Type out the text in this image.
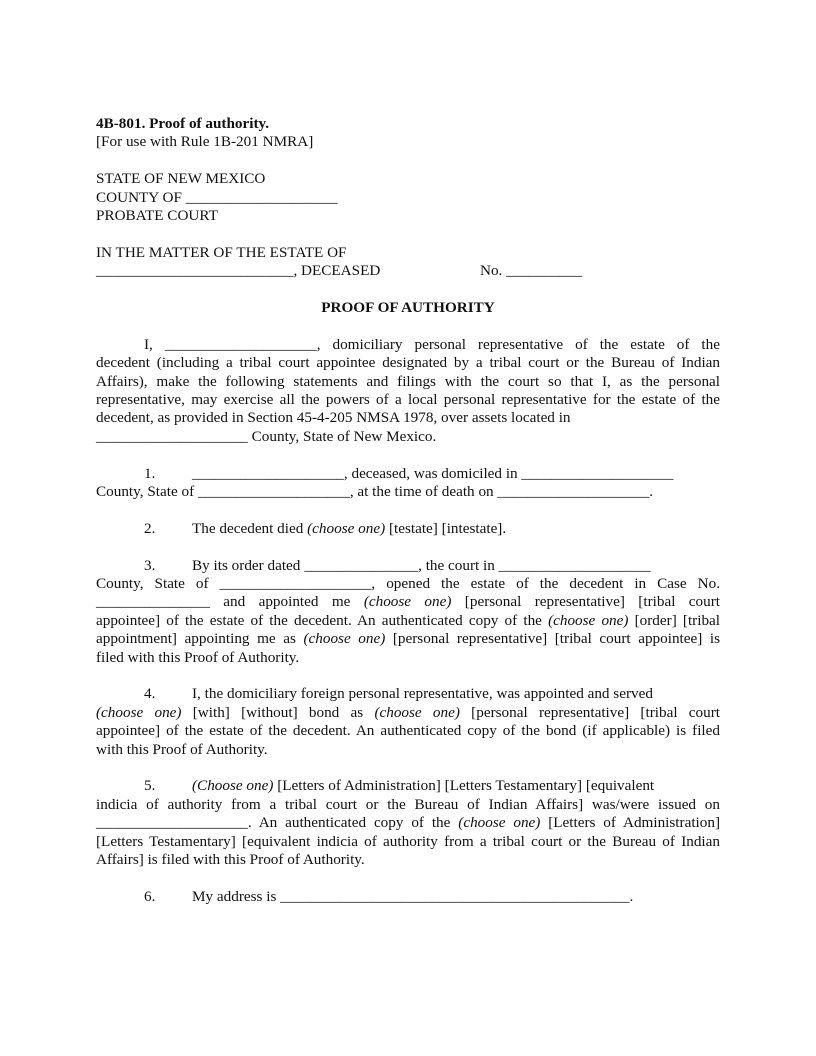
4B-801. Proof of authority.
[For use with Rule 1B-201 NMRA]
STATE OF NEW MEXICO
COUNTY OF ____________________
PROBATE COURT
IN THE MATTER OF THE ESTATE OF
__________________________, DECEASED	No. __________
PROOF OF AUTHORITY
I, ____________________, domiciliary personal representative of the estate of the
decedent (including a tribal court appointee designated by a tribal court or the Bureau of Indian
Affairs), make the following statements and filings with the court so that I, as the personal
representative, may exercise all the powers of a local personal representative for the estate of the
decedent, as provided in Section 45-4-205 NMSA 1978, over assets located in
____________________ County, State of New Mexico.
1. ____________________, deceased, was domiciled in ____________________
County, State of ____________________, at the time of death on ____________________.
2. The decedent died (choose one) [testate] [intestate].
3. By its order dated _______________, the court in ____________________
County, State of ____________________, opened the estate of the decedent in Case No.
_______________ and appointed me (choose one) [personal representative] [tribal court
appointee] of the estate of the decedent. An authenticated copy of the (choose one) [order] [tribal
appointment] appointing me as (choose one) [personal representative] [tribal court appointee] is
filed with this Proof of Authority.
4. I, the domiciliary foreign personal representative, was appointed and served
(choose one) [with] [without] bond as (choose one) [personal representative] [tribal court
appointee] of the estate of the decedent. An authenticated copy of the bond (if applicable) is filed
with this Proof of Authority.
5. (Choose one) [Letters of Administration] [Letters Testamentary] [equivalent
indicia of authority from a tribal court or the Bureau of Indian Affairs] was/were issued on
____________________. An authenticated copy of the (choose one) [Letters of Administration]
[Letters Testamentary] [equivalent indicia of authority from a tribal court or the Bureau of Indian
Affairs] is filed with this Proof of Authority.
6. My address is ______________________________________________.
